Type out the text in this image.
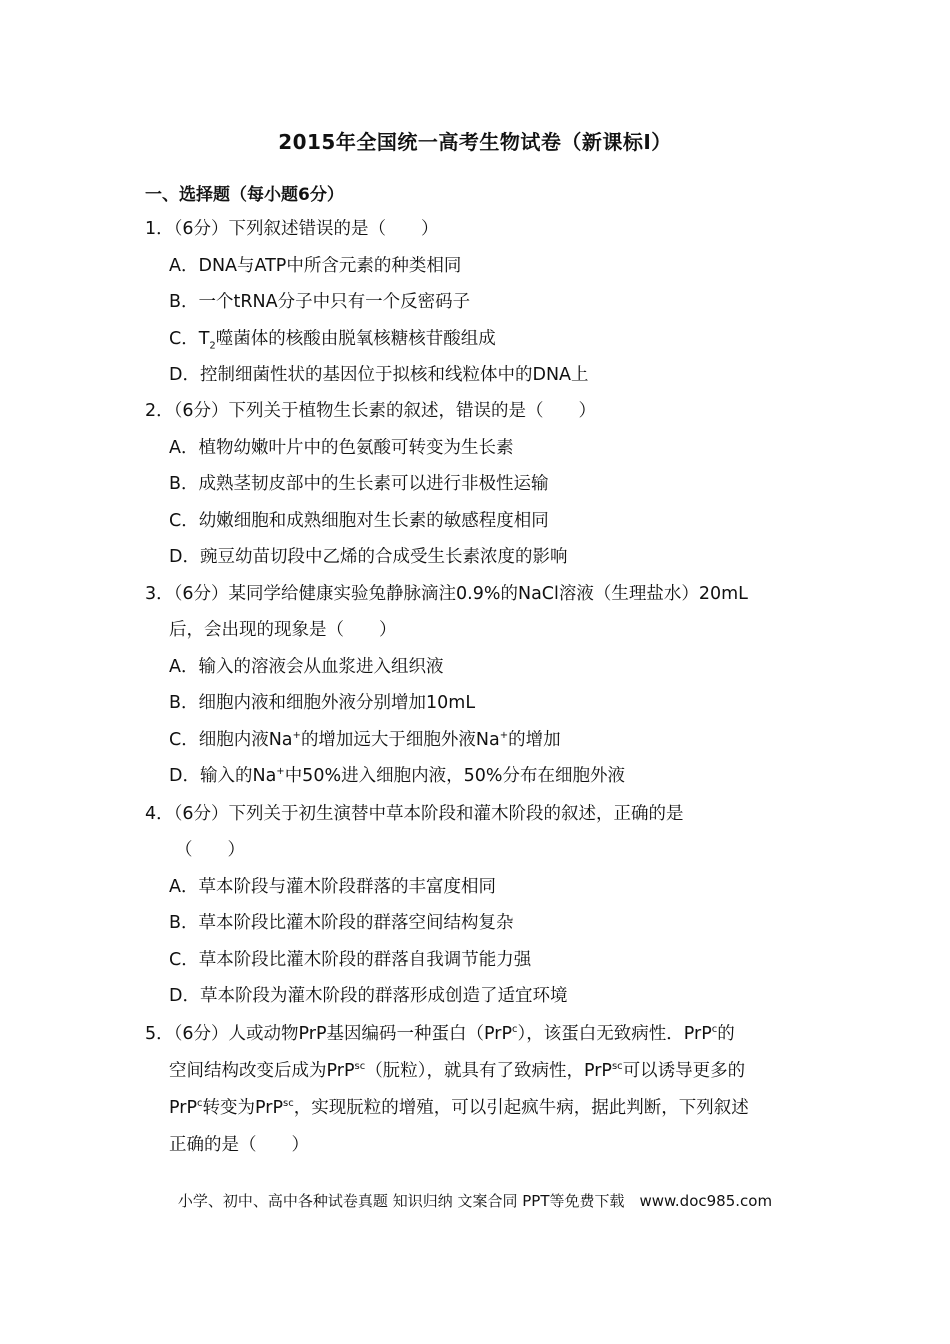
2015年全国统一高考生物试卷（新课标I）
一、选择题（每小题6分）
1．（6分）下列叙述错误的是（　　）
A．DNA与ATP中所含元素的种类相同
B．一个tRNA分子中只有一个反密码子
C．$T_2$噬菌体的核酸由脱氧核糖核苷酸组成
D．控制细菌性状的基因位于拟核和线粒体中的DNA上
2．（6分）下列关于植物生长素的叙述，错误的是（　　）
A．植物幼嫩叶片中的色氨酸可转变为生长素
B．成熟茎韧皮部中的生长素可以进行非极性运输
C．幼嫩细胞和成熟细胞对生长素的敏感程度相同
D．豌豆幼苗切段中乙烯的合成受生长素浓度的影响
3．（6分）某同学给健康实验兔静脉滴注0.9%的NaCl溶液（生理盐水）20mL
后，会出现的现象是（　　）
A．输入的溶液会从血浆进入组织液
B．细胞内液和细胞外液分别增加10mL
C．细胞内液Na+的增加远大于细胞外液Na+的增加
D．输入的Na+中50%进入细胞内液，50%分布在细胞外液
4．（6分）下列关于初生演替中草本阶段和灌木阶段的叙述，正确的是
（　　）
A．草本阶段与灌木阶段群落的丰富度相同
B．草本阶段比灌木阶段的群落空间结构复杂
C．草本阶段比灌木阶段的群落自我调节能力强
D．草本阶段为灌木阶段的群落形成创造了适宜环境
5．（6分）人或动物PrP基因编码一种蛋白（PrP$^c$），该蛋白无致病性．PrP$^c$的
空间结构改变后成为PrP$^{sc}$（朊粒），就具有了致病性，PrP$^{sc}$可以诱导更多的
PrP$^c$转变为PrP$^{sc}$，实现朊粒的增殖，可以引起疯牛病，据此判断，下列叙述
正确的是（　　）
小学、初中、高中各种试卷真题 知识归纳 文案合同 PPT等免费下载　www.doc985.com
